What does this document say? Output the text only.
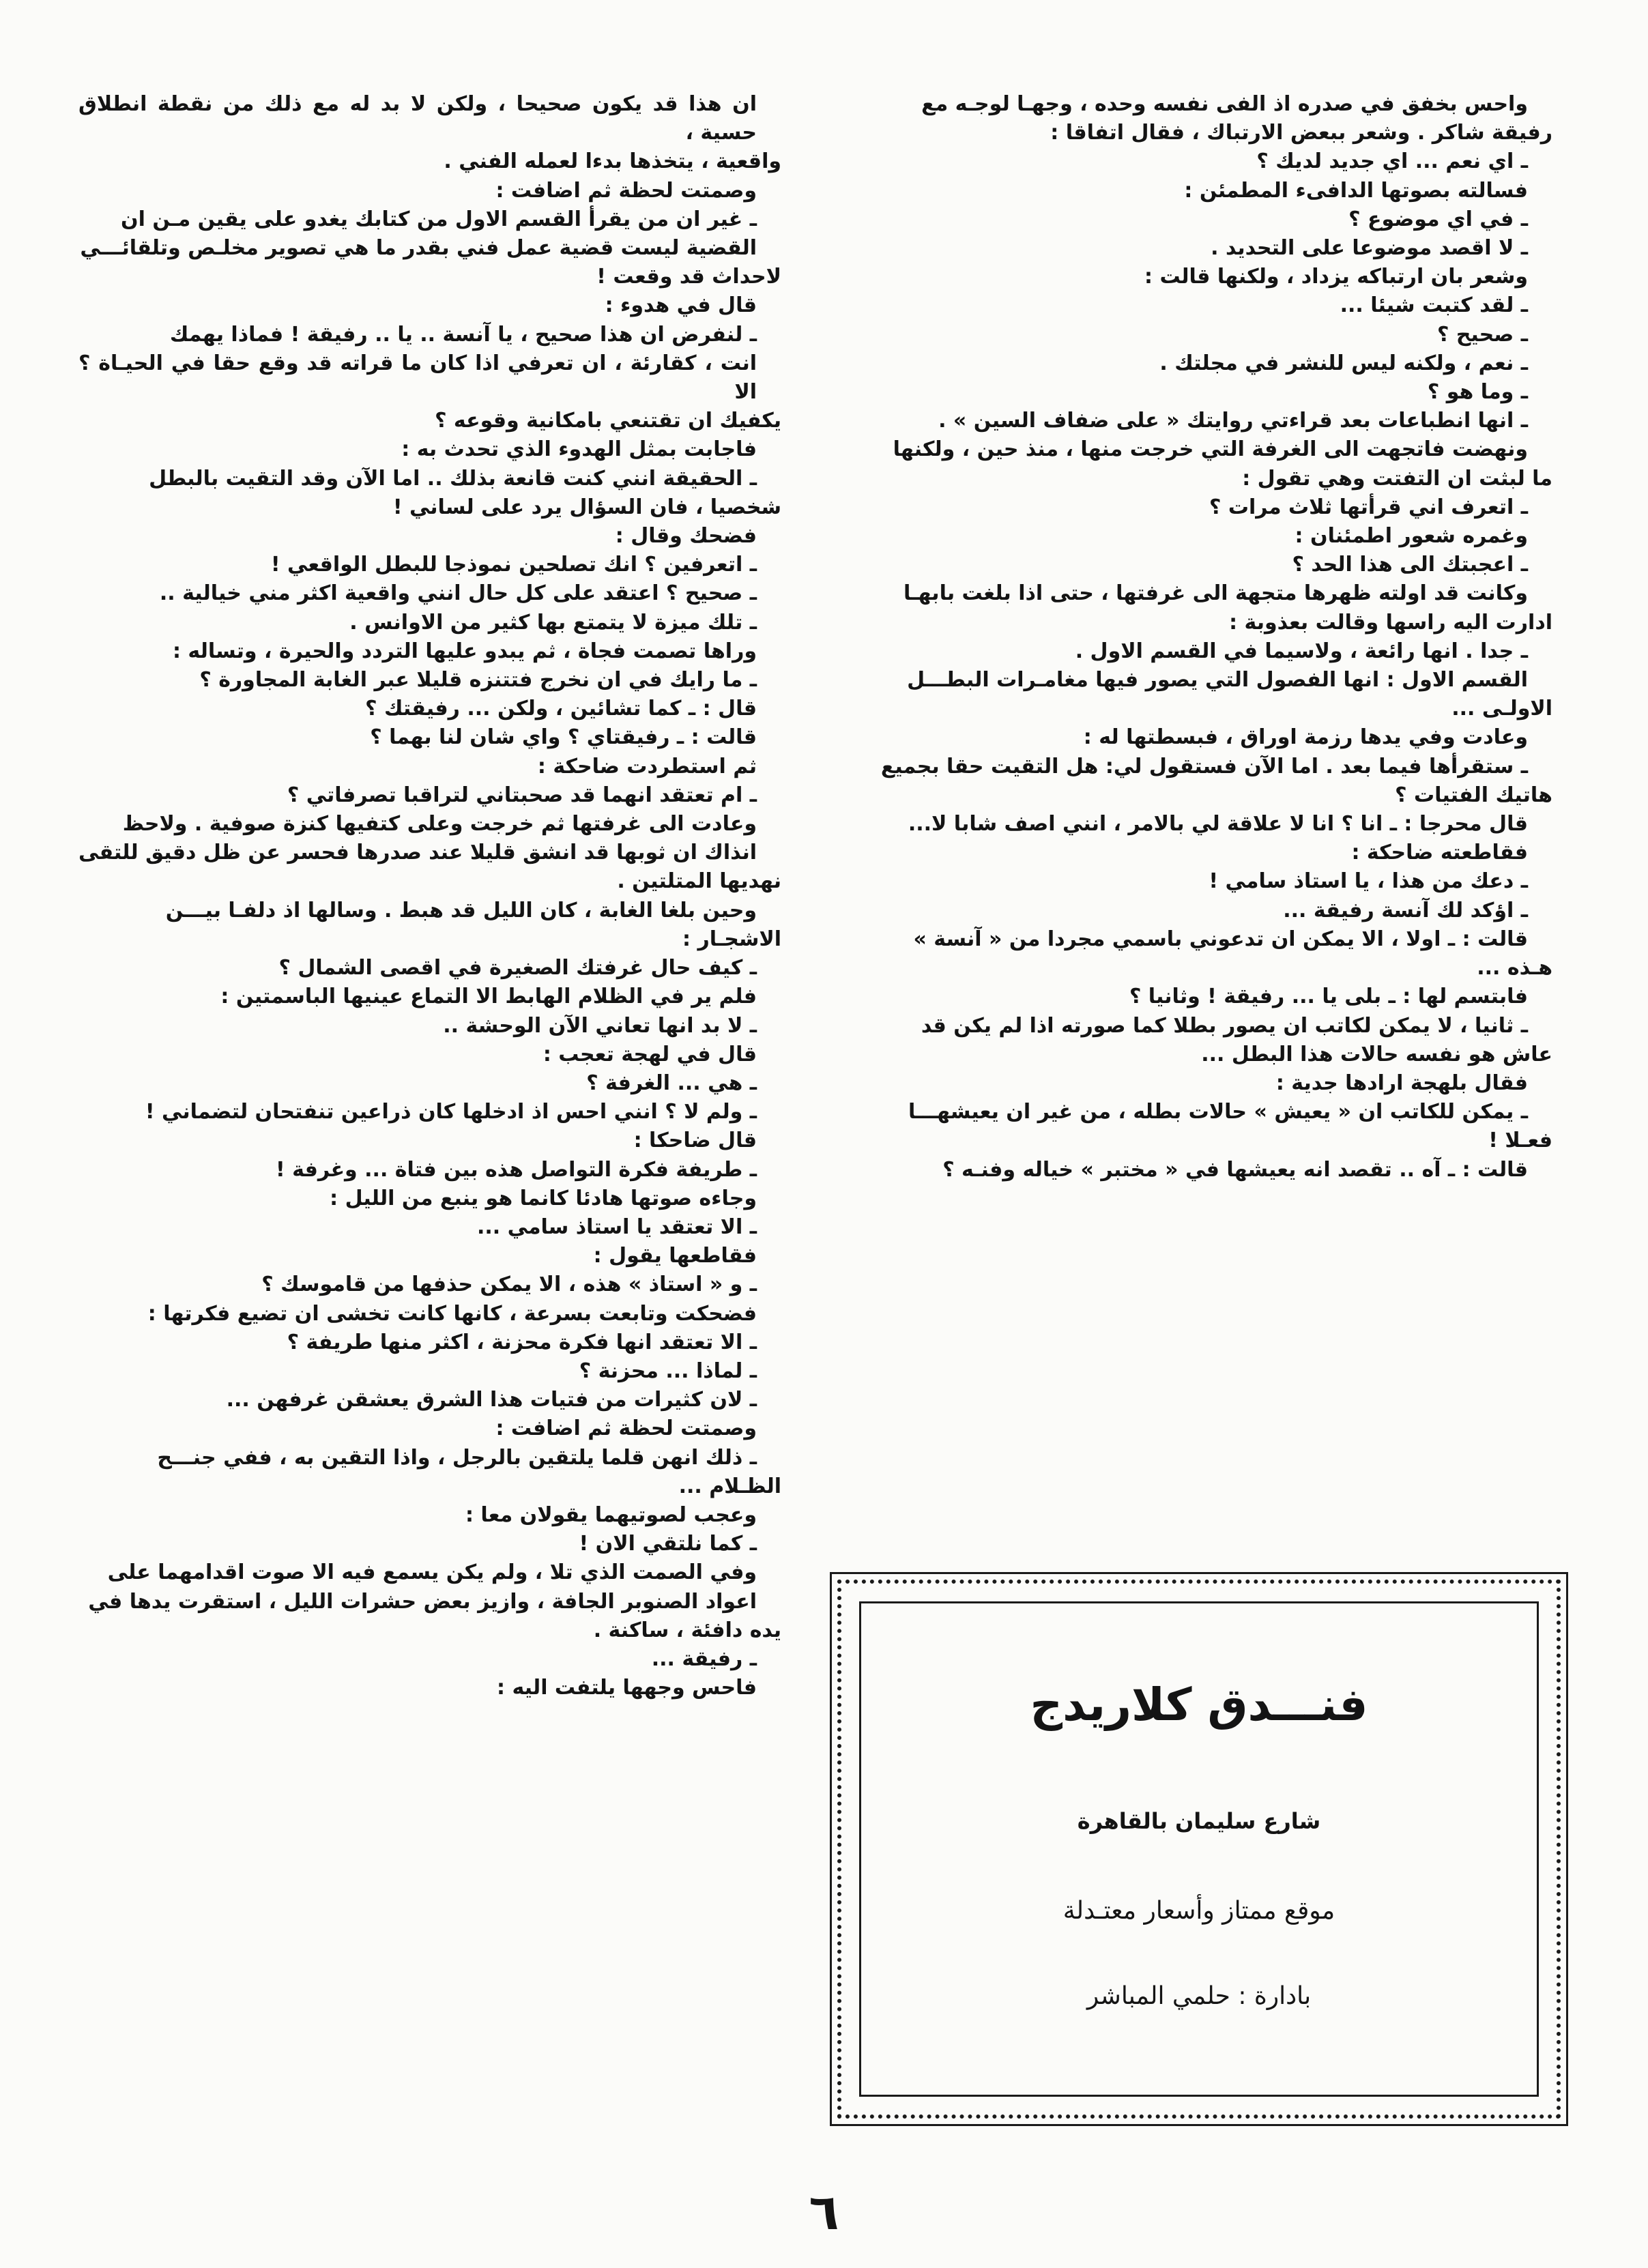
واحس بخفق في صدره اذ الفى نفسه وحده ، وجهـا لوجـه مع

رفيقة شاكر . وشعر ببعض الارتباك ، فقال اتفاقا :

ـ اي نعم ... اي جديد لديك ؟

فسالته بصوتها الدافىء المطمئن :

ـ في اي موضوع ؟

ـ لا اقصد موضوعا على التحديد .

وشعر بان ارتباكه يزداد ، ولكنها قالت :

ـ لقد كتبت شيئا ...

ـ صحيح ؟

ـ نعم ، ولكنه ليس للنشر في مجلتك .

ـ وما هو ؟

ـ انها انطباعات بعد قراءتي روايتك « على ضفاف السين » .

ونهضت فاتجهت الى الغرفة التي خرجت منها ، منذ حين ، ولكنها

ما لبثت ان التفتت وهي تقول :

ـ اتعرف اني قرأتها ثلاث مرات ؟

وغمره شعور اطمئنان :

ـ اعجبتك الى هذا الحد ؟

وكانت قد اولته ظهرها متجهة الى غرفتها ، حتى اذا بلغت بابهـا

ادارت اليه راسها وقالت بعذوبة :

ـ جدا . انها رائعة ، ولاسيما في القسم الاول .

القسم الاول : انها الفصول التي يصور فيها مغامـرات البطـــل

الاولـى ...

وعادت وفي يدها رزمة اوراق ، فبسطتها له :

ـ ستقرأها فيما بعد . اما الآن فستقول لي: هل التقيت حقا بجميع

هاتيك الفتيات ؟

قال محرجا : ـ انا ؟ انا لا علاقة لي بالامر ، انني اصف شابا لا...

فقاطعته ضاحكة :

ـ دعك من هذا ، يا استاذ سامي !

ـ اؤكد لك آنسة رفيقة ...

قالت : ـ اولا ، الا يمكن ان تدعوني باسمي مجردا من « آنسة »

هـذه ...

فابتسم لها : ـ بلى يا ... رفيقة ! وثانيا ؟

ـ ثانيا ، لا يمكن لكاتب ان يصور بطلا كما صورته اذا لم يكن قد

عاش هو نفسه حالات هذا البطل ...

فقال بلهجة ارادها جدية :

ـ يمكن للكاتب ان « يعيش » حالات بطله ، من غير ان يعيشهـــا

فعـلا !

قالت : ـ آه .. تقصد انه يعيشها في « مختبر » خياله وفنـه ؟

ان هذا قد يكون صحيحا ، ولكن لا بد له مع ذلك من نقطة انطلاق حسية ،

واقعية ، يتخذها بدءا لعمله الفني .

وصمتت لحظة ثم اضافت :

ـ غير ان من يقرأ القسم الاول من كتابك يغدو على يقين مـن ان

القضية ليست قضية عمل فني بقدر ما هي تصوير مخلـص وتلقائـــي

لاحداث قد وقعت !

قال في هدوء :

ـ لنفرض ان هذا صحيح ، يا آنسة .. يا .. رفيقة ! فماذا يهمك

انت ، كقارئة ، ان تعرفي اذا كان ما قراته قد وقع حقا في الحيـاة ؟ الا

يكفيك ان تقتنعي بامكانية وقوعه ؟

فاجابت بمثل الهدوء الذي تحدث به :

ـ الحقيقة انني كنت قانعة بذلك .. اما الآن وقد التقيت بالبطل

شخصيا ، فان السؤال يرد على لساني !

فضحك وقال :

ـ اتعرفين ؟ انك تصلحين نموذجا للبطل الواقعي !

ـ صحيح ؟ اعتقد على كل حال انني واقعية اكثر مني خيالية ..

ـ تلك ميزة لا يتمتع بها كثير من الاوانس .

وراها تصمت فجاة ، ثم يبدو عليها التردد والحيرة ، وتساله :

ـ ما رايك في ان نخرج فتتنزه قليلا عبر الغابة المجاورة ؟

قال : ـ كما تشائين ، ولكن ... رفيقتك ؟

قالت : ـ رفيقتاي ؟ واي شان لنا بهما ؟

ثم استطردت ضاحكة :

ـ ام تعتقد انهما قد صحبتاني لتراقبا تصرفاتي ؟

وعادت الى غرفتها ثم خرجت وعلى كتفيها كنزة صوفية . ولاحظ

انذاك ان ثوبها قد انشق قليلا عند صدرها فحسر عن ظل دقيق للتقى

نهديها المتلتين .

وحين بلغا الغابة ، كان الليل قد هبط . وسالها اذ دلفـا بيـــن

الاشجـار :

ـ كيف حال غرفتك الصغيرة في اقصى الشمال ؟

فلم ير في الظلام الهابط الا التماع عينيها الباسمتين :

ـ لا بد انها تعاني الآن الوحشة ..

قال في لهجة تعجب :

ـ هي ... الغرفة ؟

ـ ولم لا ؟ انني احس اذ ادخلها كان ذراعين تنفتحان لتضماني !

قال ضاحكا :

ـ طريفة فكرة التواصل هذه بين فتاة ... وغرفة !

وجاءه صوتها هادئا كانما هو ينبع من الليل :

ـ الا تعتقد يا استاذ سامي ...

فقاطعها يقول :

ـ و « استاذ » هذه ، الا يمكن حذفها من قاموسك ؟

فضحكت وتابعت بسرعة ، كانها كانت تخشى ان تضيع فكرتها :

ـ الا تعتقد انها فكرة محزنة ، اكثر منها طريفة ؟

ـ لماذا ... محزنة ؟

ـ لان كثيرات من فتيات هذا الشرق يعشقن غرفهن ...

وصمتت لحظة ثم اضافت :

ـ ذلك انهن قلما يلتقين بالرجل ، واذا التقين به ، ففي جنـــح

الظـلام ...

وعجب لصوتيهما يقولان معا :

ـ كما نلتقي الان !

وفي الصمت الذي تلا ، ولم يكن يسمع فيه الا صوت اقدامهما على

اعواد الصنوبر الجافة ، وازيز بعض حشرات الليل ، استقرت يدها في

يده دافئة ، ساكنة .

ـ رفيقة ...

فاحس وجهها يلتفت اليه :	فنـــدق كلاريدج
شارع سليمان بالقاهرة
موقع ممتاز وأسعار معتـدلة
بادارة : حلمي المباشر
٦
